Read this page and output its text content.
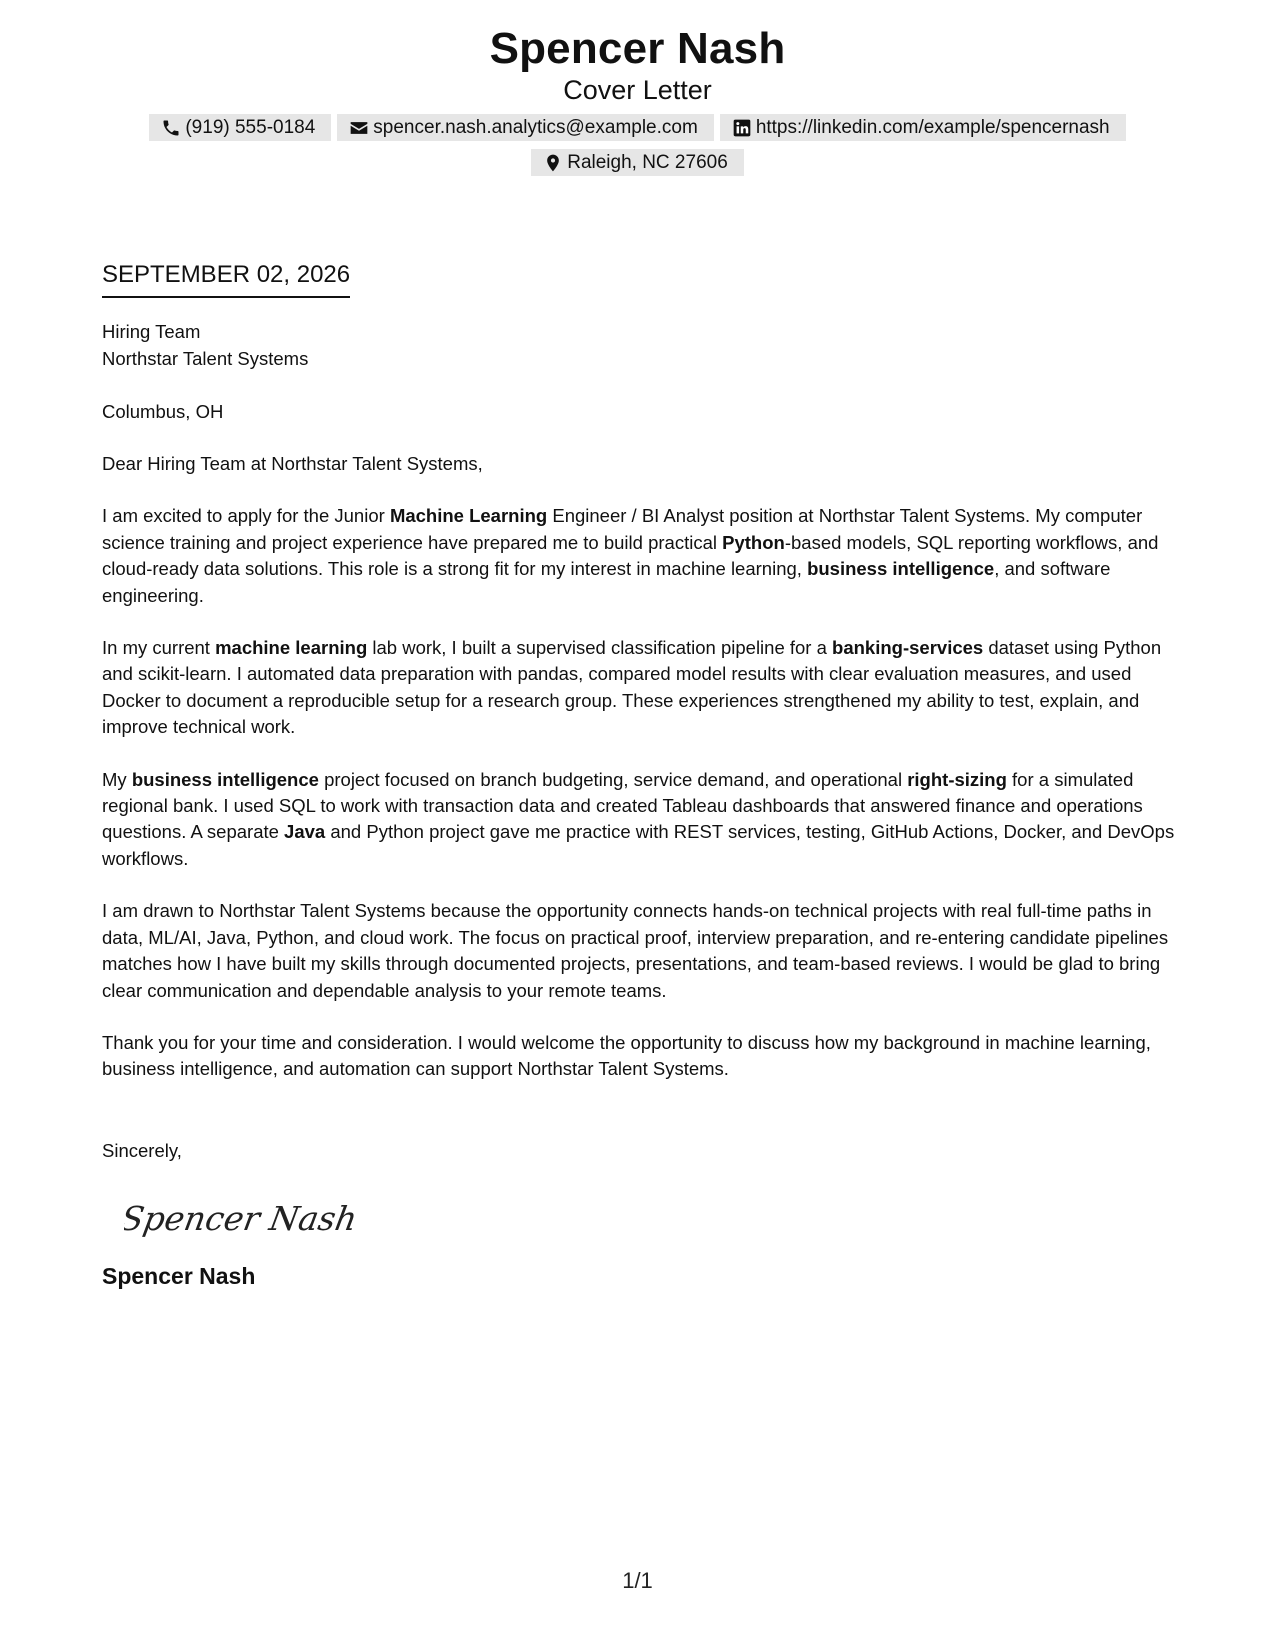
Spencer Nash
Cover Letter
(919) 555-0184	spencer.nash.analytics@example.com	https://linkedin.com/example/spencernash
Raleigh, NC 27606
SEPTEMBER 02, 2026
Hiring Team
Northstar Talent Systems
Columbus, OH

Dear Hiring Team at Northstar Talent Systems,

I am excited to apply for the Junior Machine Learning Engineer / BI Analyst position at Northstar Talent Systems. My computer science training and project experience have prepared me to build practical Python-based models, SQL reporting workflows, and cloud-ready data solutions. This role is a strong fit for my interest in machine learning, business intelligence, and software engineering.

In my current machine learning lab work, I built a supervised classification pipeline for a banking-services dataset using Python and scikit-learn. I automated data preparation with pandas, compared model results with clear evaluation measures, and used Docker to document a reproducible setup for a research group. These experiences strengthened my ability to test, explain, and improve technical work.

My business intelligence project focused on branch budgeting, service demand, and operational right-sizing for a simulated regional bank. I used SQL to work with transaction data and created Tableau dashboards that answered finance and operations questions. A separate Java and Python project gave me practice with REST services, testing, GitHub Actions, Docker, and DevOps workflows.

I am drawn to Northstar Talent Systems because the opportunity connects hands-on technical projects with real full-time paths in data, ML/AI, Java, Python, and cloud work. The focus on practical proof, interview preparation, and re-entering candidate pipelines matches how I have built my skills through documented projects, presentations, and team-based reviews. I would be glad to bring clear communication and dependable analysis to your remote teams.

Thank you for your time and consideration. I would welcome the opportunity to discuss how my background in machine learning, business intelligence, and automation can support Northstar Talent Systems.

Sincerely,
Spencer Nash
Spencer Nash
1/1
